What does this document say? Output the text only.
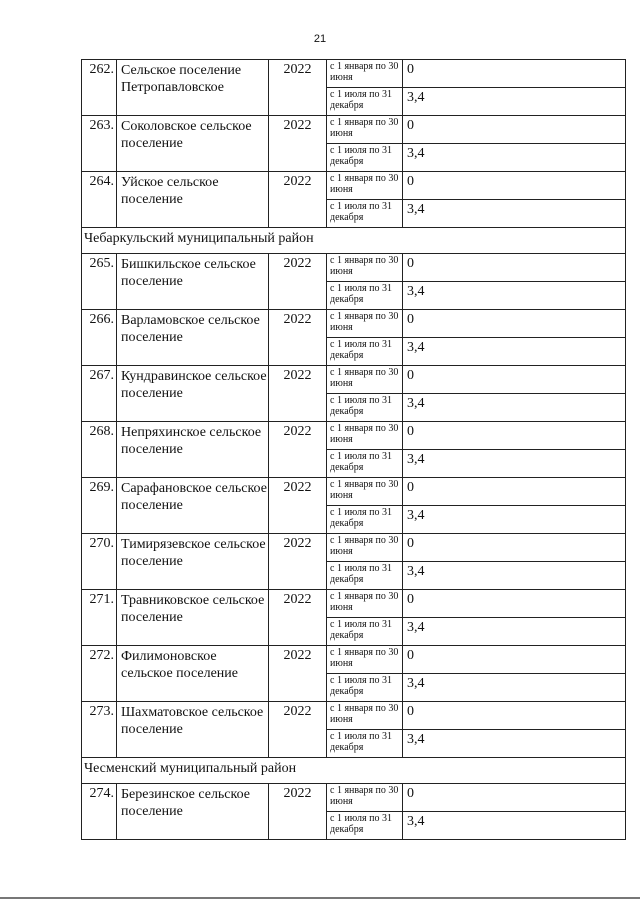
21
262.	Сельское поселение Петропавловское	2022	с 1 января по 30 июня	0
			с 1 июля по 31 декабря	3,4
263.	Соколовское сельское поселение	2022	с 1 января по 30 июня	0
			с 1 июля по 31 декабря	3,4
264.	Уйское сельское поселение	2022	с 1 января по 30 июня	0
			с 1 июля по 31 декабря	3,4
Чебаркульский муниципальный район				
265.	Бишкильское сельское поселение	2022	с 1 января по 30 июня	0
			с 1 июля по 31 декабря	3,4
266.	Варламовское сельское поселение	2022	с 1 января по 30 июня	0
			с 1 июля по 31 декабря	3,4
267.	Кундравинское сельское поселение	2022	с 1 января по 30 июня	0
			с 1 июля по 31 декабря	3,4
268.	Непряхинское сельское поселение	2022	с 1 января по 30 июня	0
			с 1 июля по 31 декабря	3,4
269.	Сарафановское сельское поселение	2022	с 1 января по 30 июня	0
			с 1 июля по 31 декабря	3,4
270.	Тимирязевское сельское поселение	2022	с 1 января по 30 июня	0
			с 1 июля по 31 декабря	3,4
271.	Травниковское сельское поселение	2022	с 1 января по 30 июня	0
			с 1 июля по 31 декабря	3,4
272.	Филимоновское сельское поселение	2022	с 1 января по 30 июня	0
			с 1 июля по 31 декабря	3,4
273.	Шахматовское сельское поселение	2022	с 1 января по 30 июня	0
			с 1 июля по 31 декабря	3,4
Чесменский муниципальный район				
274.	Березинское сельское поселение	2022	с 1 января по 30 июня	0
			с 1 июля по 31 декабря	3,4
